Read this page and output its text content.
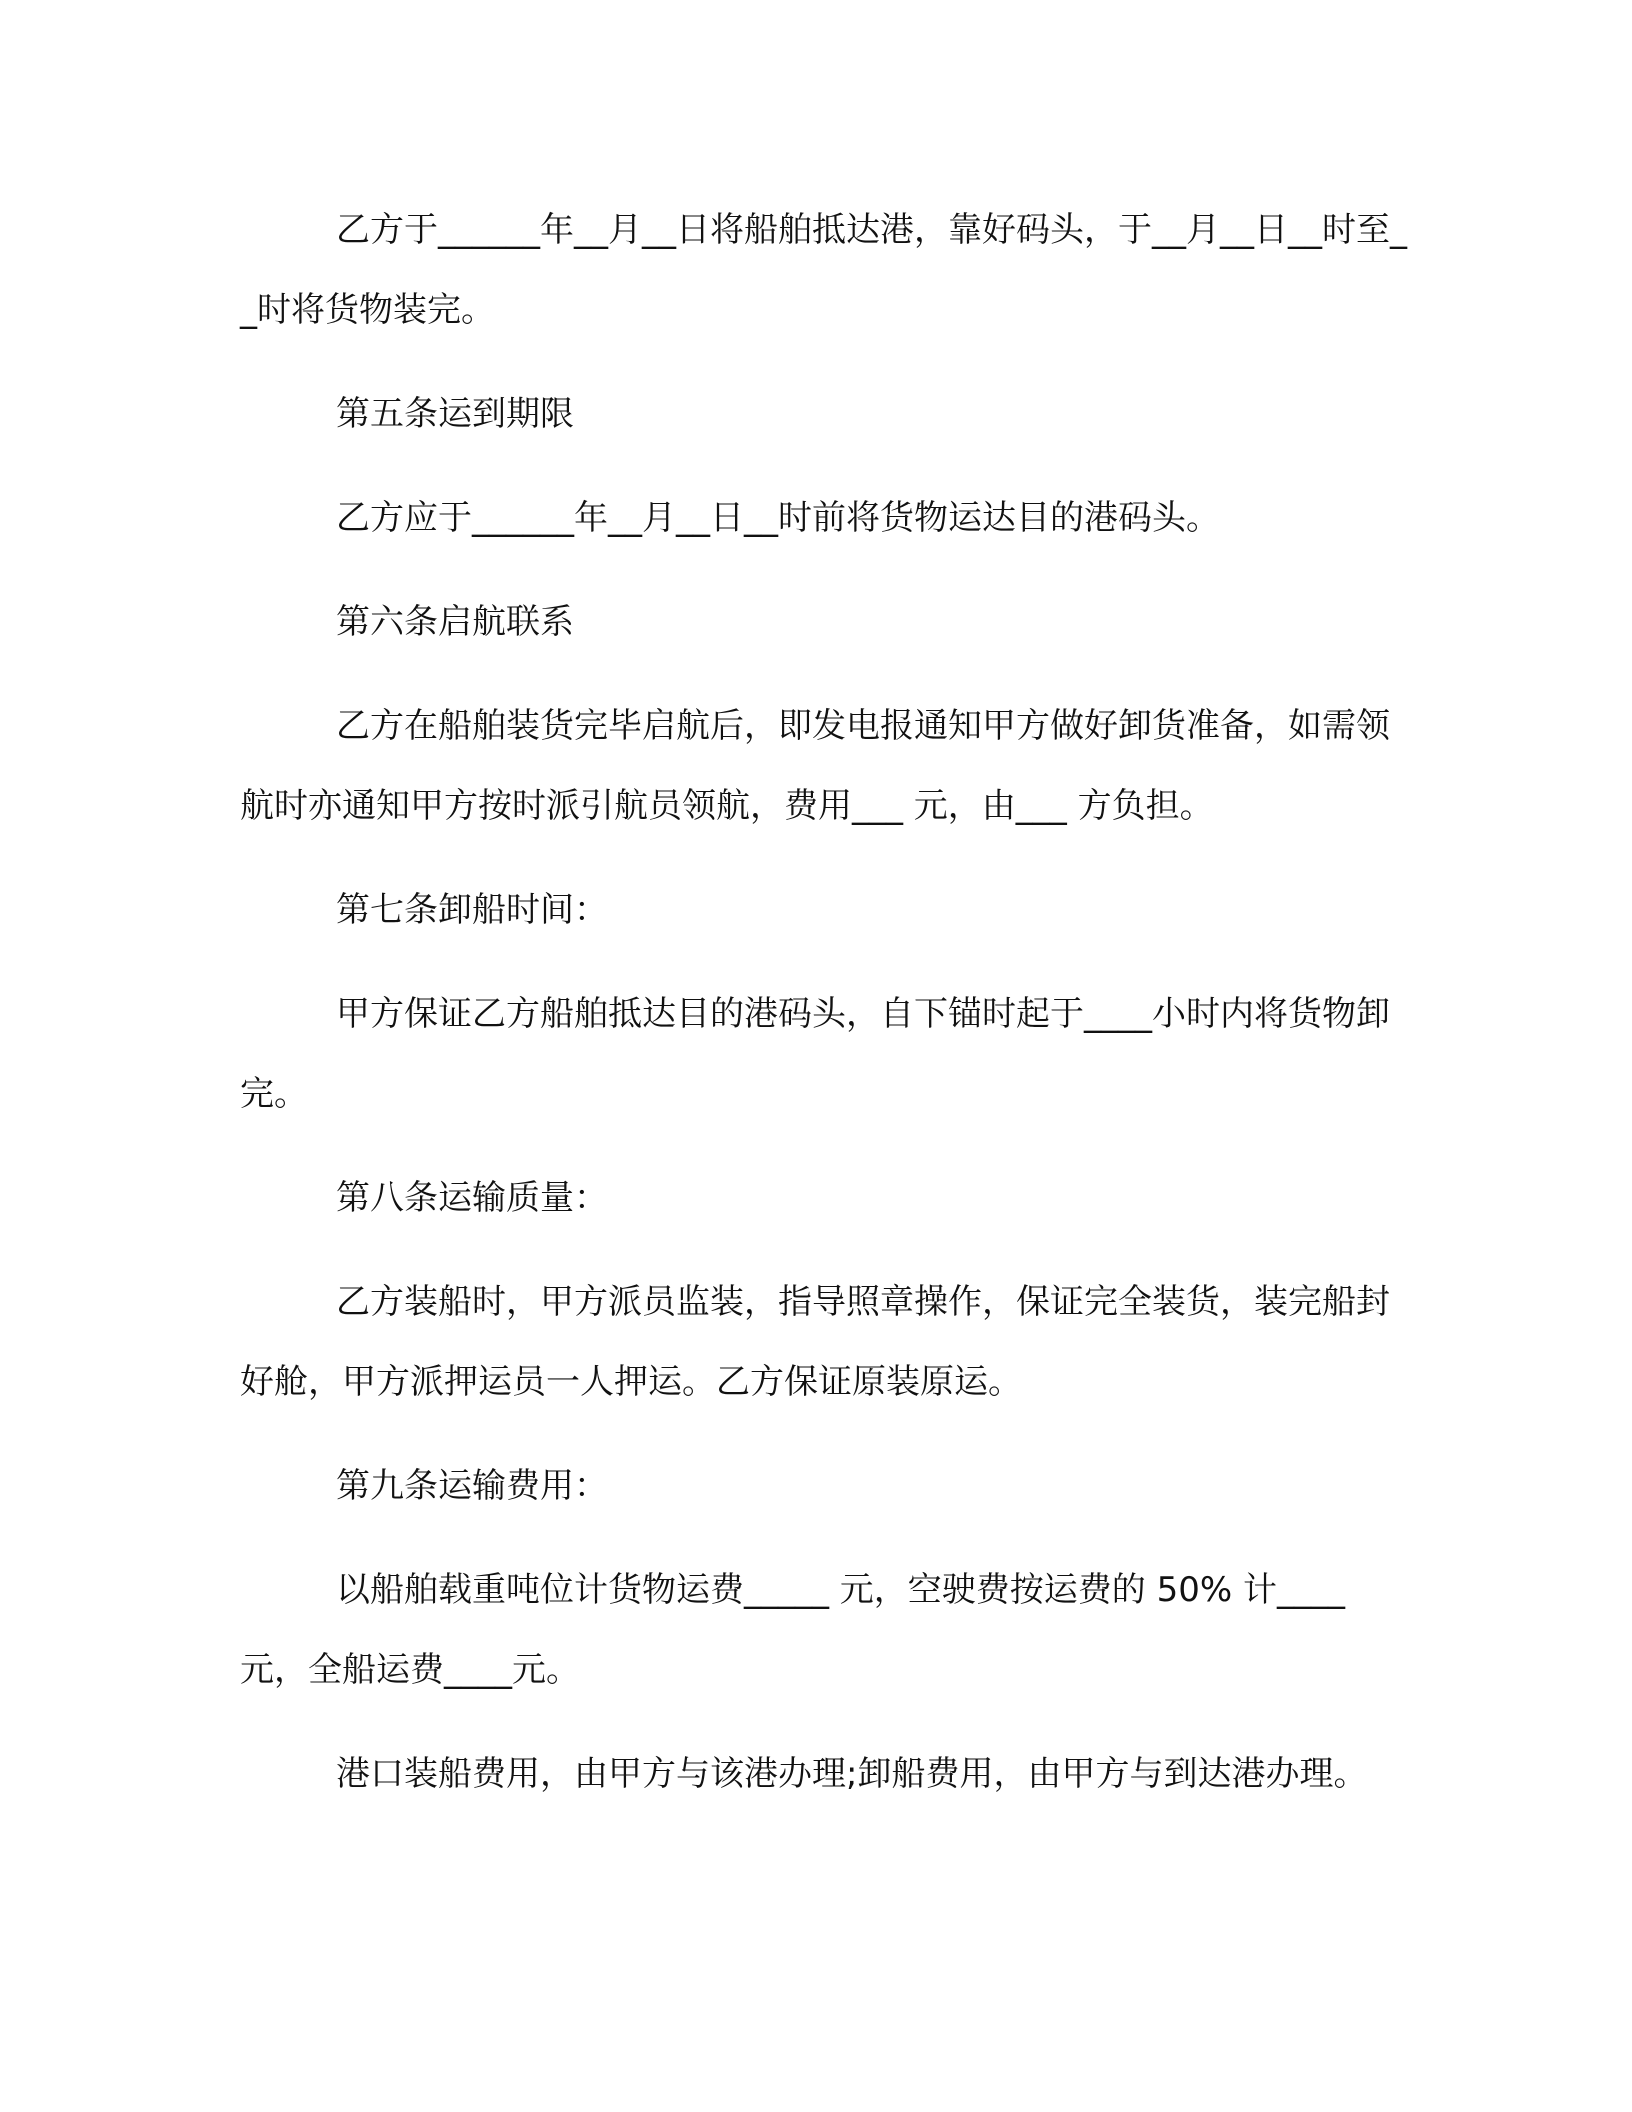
乙方于______年__月__日将船舶抵达港，靠好码头，于__月__日__时至__时将货物装完。

第五条运到期限

乙方应于______年__月__日__时前将货物运达目的港码头。

第六条启航联系

乙方在船舶装货完毕启航后，即发电报通知甲方做好卸货准备，如需领航时亦通知甲方按时派引航员领航，费用___ 元，由___ 方负担。

第七条卸船时间：

甲方保证乙方船舶抵达目的港码头，自下锚时起于____小时内将货物卸完。

第八条运输质量：

乙方装船时，甲方派员监装，指导照章操作，保证完全装货，装完船封好舱，甲方派押运员一人押运。乙方保证原装原运。

第九条运输费用：

以船舶载重吨位计货物运费_____ 元，空驶费按运费的 50% 计____元，全船运费____元。

港口装船费用，由甲方与该港办理;卸船费用，由甲方与到达港办理。
